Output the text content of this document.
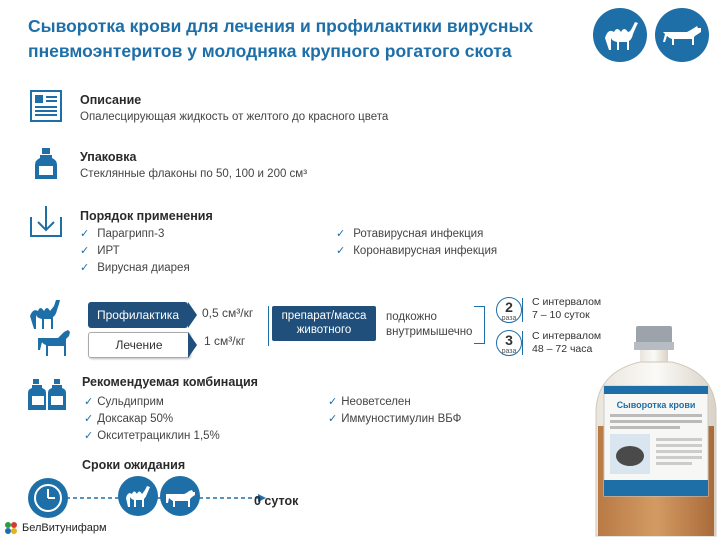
Сыворотка крови для лечения и профилактики вирусных пневмоэнтеритов у молодняка крупного рогатого скота
Описание
Опалесцирующая жидкость от желтого до красного цвета
Упаковка
Стеклянные флаконы по 50, 100 и 200 см³
Порядок применения
✓ Парагрипп-3
✓ ИРТ
✓ Вирусная диарея
✓ Ротавирусная инфекция
✓ Коронавирусная инфекция
Профилактика	0,5 см³/кг
Лечение	1 см³/кг
препарат/масса
животного
подкожно
внутримышечно
2
раза
С интервалом
7 – 10 суток
3
раза
С интервалом
48 – 72 часа
Рекомендуемая комбинация
✓ Сульдиприм
✓ Доксакар 50%
✓ Окситетрациклин 1,5%
✓ Неоветселен
✓ Иммуностимулин ВБФ
Сроки ожидания
0 суток
БелВитунифарм
Сыворотка крови
